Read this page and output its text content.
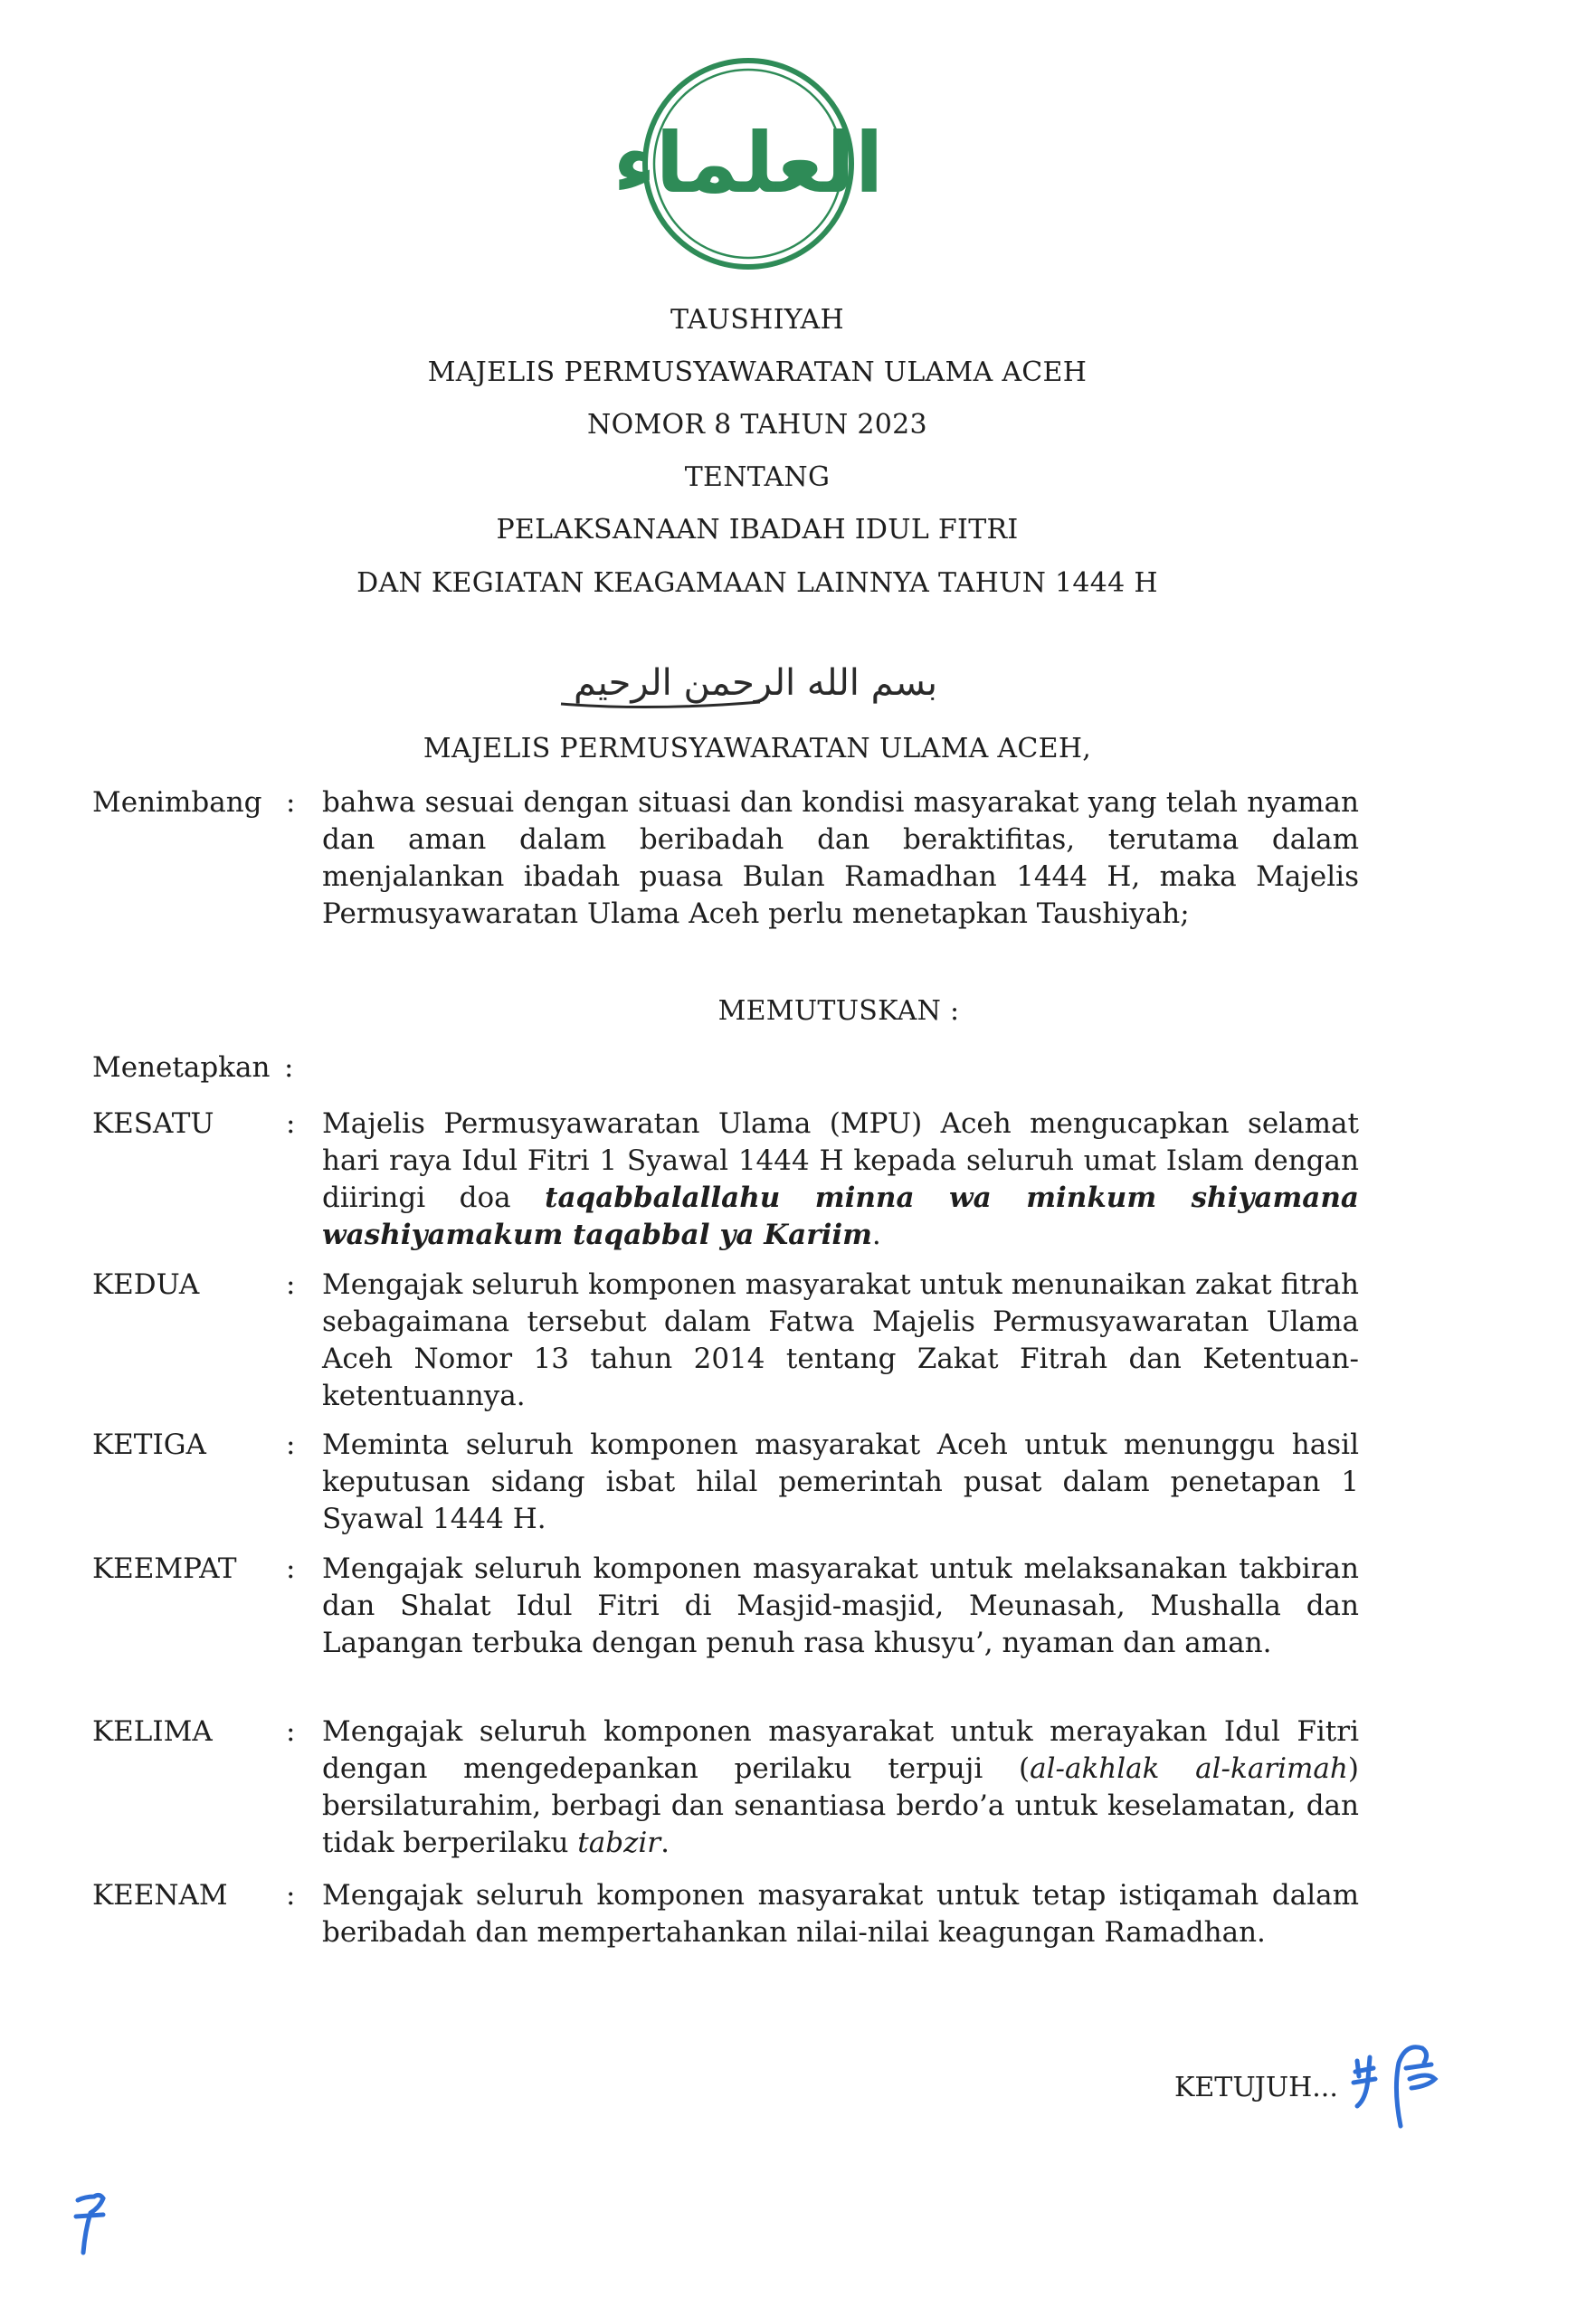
العلماء
TAUSHIYAH
MAJELIS PERMUSYAWARATAN ULAMA ACEH
NOMOR 8 TAHUN 2023
TENTANG
PELAKSANAAN IBADAH IDUL FITRI
DAN KEGIATAN KEAGAMAAN LAINNYA TAHUN 1444 H
بسم الله الرحمن الرحيم
MAJELIS PERMUSYAWARATAN ULAMA ACEH,
Menimbang : bahwa sesuai dengan situasi dan kondisi masyarakat yang telah nyaman dan aman dalam beribadah dan beraktifitas, terutama dalam menjalankan ibadah puasa Bulan Ramadhan 1444 H, maka Majelis Permusyawaratan Ulama Aceh perlu menetapkan Taushiyah;
MEMUTUSKAN :
Menetapkan :
KESATU	: Majelis Permusyawaratan Ulama (MPU) Aceh mengucapkan selamat hari raya Idul Fitri 1 Syawal 1444 H kepada seluruh umat Islam dengan diiringi doa taqabbalallahu minna wa minkum shiyamana washiyamakum taqabbal ya Kariim.
KEDUA	: Mengajak seluruh komponen masyarakat untuk menunaikan zakat fitrah sebagaimana tersebut dalam Fatwa Majelis Permusyawaratan Ulama Aceh Nomor 13 tahun 2014 tentang Zakat Fitrah dan Ketentuan-ketentuannya.
KETIGA	: Meminta seluruh komponen masyarakat Aceh untuk menunggu hasil keputusan sidang isbat hilal pemerintah pusat dalam penetapan 1 Syawal 1444 H.
KEEMPAT	: Mengajak seluruh komponen masyarakat untuk melaksanakan takbiran dan Shalat Idul Fitri di Masjid-masjid, Meunasah, Mushalla dan Lapangan terbuka dengan penuh rasa khusyu’, nyaman dan aman.
KELIMA	: Mengajak seluruh komponen masyarakat untuk merayakan Idul Fitri dengan mengedepankan perilaku terpuji (al-akhlak al-karimah) bersilaturahim, berbagi dan senantiasa berdo’a untuk keselamatan, dan tidak berperilaku tabzir.
KEENAM	: Mengajak seluruh komponen masyarakat untuk tetap istiqamah dalam beribadah dan mempertahankan nilai-nilai keagungan Ramadhan.
KETUJUH...
